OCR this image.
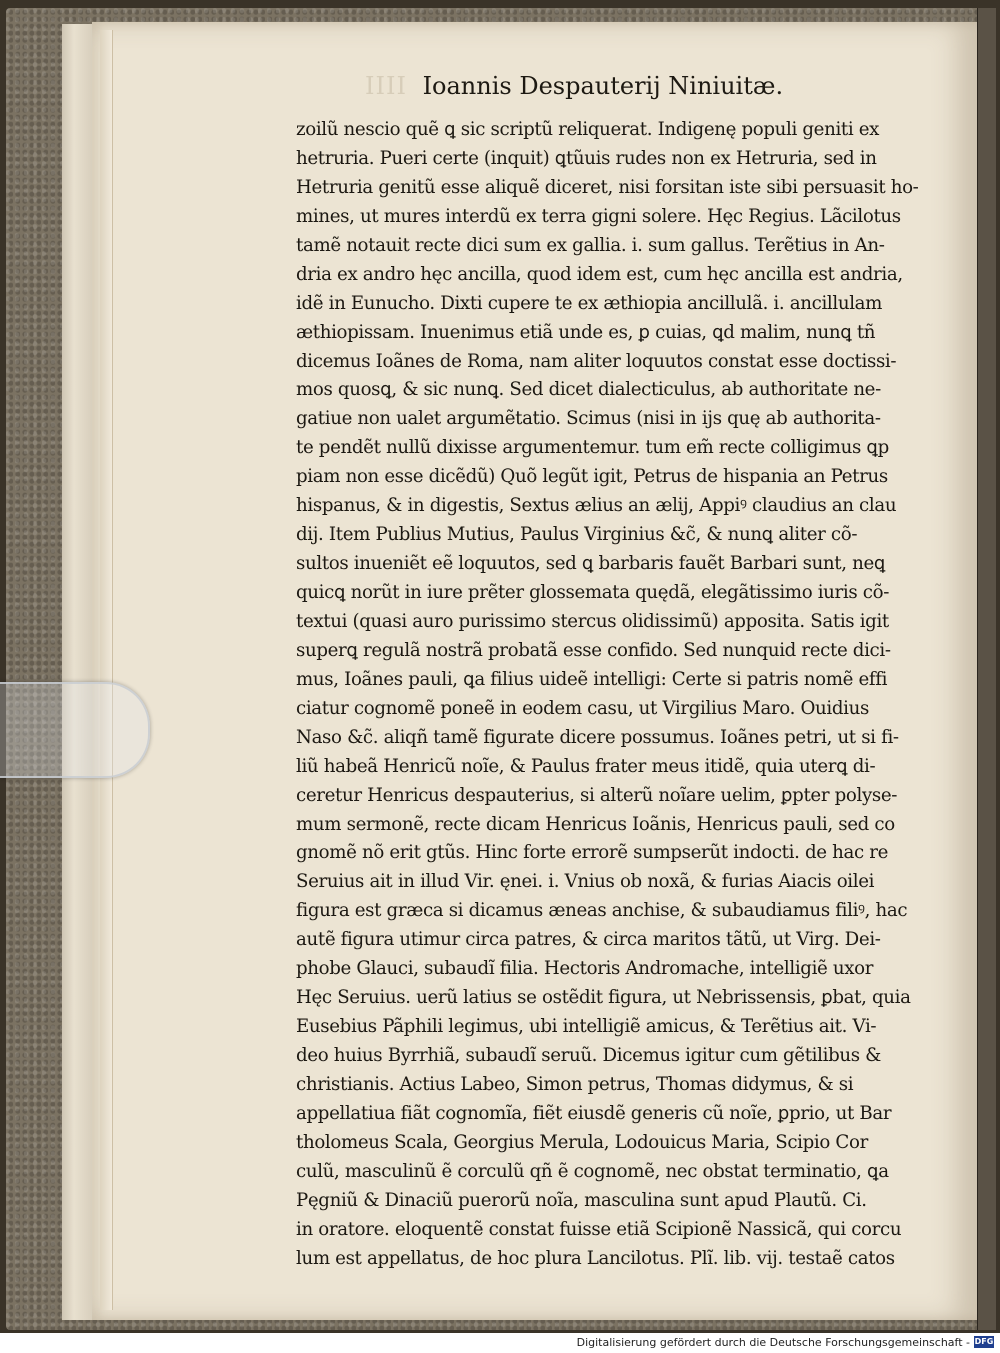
IIII Ioannis Despauterij Niniuitæ.
zoilũ nescio quẽ ꝗ sic scriptũ reliquerat. Indigenę populi geniti ex
hetruria. Pueri certe (inquit) ꝗtũuis rudes non ex Hetruria, sed in
Hetruria genitũ esse aliquẽ diceret, nisi forsitan iste sibi persuasit ho-
mines, ut mures interdũ ex terra gigni solere. Hęc Regius. Lãcilotus
tamẽ notauit recte dici sum ex gallia. i. sum gallus. Terẽtius in An-
dria ex andro hęc ancilla, quod idem est, cum hęc ancilla est andria,
idẽ in Eunucho. Dixti cupere te ex æthiopia ancillulã. i. ancillulam
æthiopissam. Inuenimus etiã unde es, ꝑ cuias, ꝗd malim, nunꝗ tñ
dicemus Ioãnes de Roma, nam aliter loquutos constat esse doctissi-
mos quosꝗ, & sic nunꝗ. Sed dicet dialecticulus, ab authoritate ne-
gatiue non ualet argumẽtatio. Scimus (nisi in ijs quę ab authorita-
te pendẽt nullũ dixisse argumentemur. tum em̃ recte colligimus ꝗp
piam non esse dicẽdũ) Quõ legũt igit, Petrus de hispania an Petrus
hispanus, & in digestis, Sextus ælius an ælij, Appiꝰ claudius an clau
dij. Item Publius Mutius, Paulus Virginius &c̃, & nunꝗ aliter cõ-
sultos inueniẽt eẽ loquutos, sed ꝗ barbaris fauẽt Barbari sunt, neꝗ
quicꝗ norũt in iure prẽter glossemata quędã, elegãtissimo iuris cõ-
textui (quasi auro purissimo stercus olidissimũ) apposita. Satis igit
superꝗ regulã nostrã probatã esse confido. Sed nunquid recte dici-
mus, Ioãnes pauli, ꝗa filius uideẽ intelligi: Certe si patris nomẽ effi
ciatur cognomẽ poneẽ in eodem casu, ut Virgilius Maro. Ouidius
Naso &c̃. aliqñ tamẽ figurate dicere possumus. Ioãnes petri, ut si fi-
liũ habeã Henricũ noĩe, & Paulus frater meus itidẽ, quia uterꝗ di-
ceretur Henricus despauterius, si alterũ noĩare uelim, ꝑpter polyse-
mum sermonẽ, recte dicam Henricus Ioãnis, Henricus pauli, sed co
gnomẽ nõ erit gtũs. Hinc forte errorẽ sumpserũt indocti. de hac re
Seruius ait in illud Vir. ęnei. i. Vnius ob noxã, & furias Aiacis oilei
figura est græca si dicamus æneas anchise, & subaudiamus filiꝰ, hac
autẽ figura utimur circa patres, & circa maritos tãtũ, ut Virg. Dei-
phobe Glauci, subaudĩ filia. Hectoris Andromache, intelligiẽ uxor
Hęc Seruius. uerũ latius se ostẽdit figura, ut Nebrissensis, ꝑbat, quia
Eusebius Pãphili legimus, ubi intelligiẽ amicus, & Terẽtius ait. Vi-
deo huius Byrrhiã, subaudĩ seruũ. Dicemus igitur cum gẽtilibus &
christianis. Actius Labeo, Simon petrus, Thomas didymus, & si
appellatiua fiãt cognomĩa, fiẽt eiusdẽ generis cũ noĩe, ꝑprio, ut Bar
tholomeus Scala, Georgius Merula, Lodouicus Maria, Scipio Cor
culũ, masculinũ ẽ corculũ qñ ẽ cognomẽ, nec obstat terminatio, ꝗa
Pęgniũ & Dinaciũ puerorũ noĩa, masculina sunt apud Plautũ. Ci.
in oratore. eloquentẽ constat fuisse etiã Scipionẽ Nassicã, qui corcu
lum est appellatus, de hoc plura Lancilotus. Plĩ. lib. vij. testaẽ catos
Digitalisierung gefördert durch die Deutsche Forschungsgemeinschaft - DFG
